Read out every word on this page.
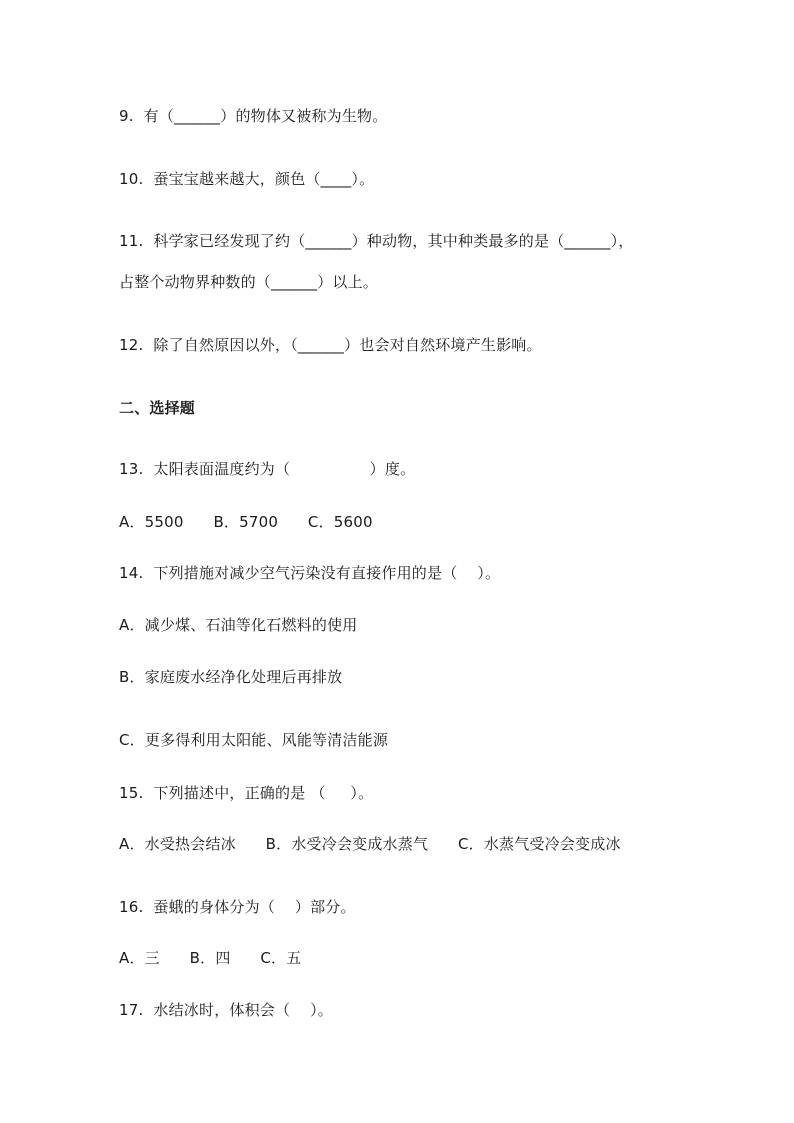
9.  有（______）的物体又被称为生物。
10.  蚕宝宝越来越大，颜色（____）。
11.  科学家已经发现了约（______）种动物，其中种类最多的是（______），
占整个动物界种数的（______）以上。
12.  除了自然原因以外，（______）也会对自然环境产生影响。
二、选择题
13.  太阳表面温度约为（                ）度。
A．5500      B．5700      C．5600
14.  下列措施对减少空气污染没有直接作用的是（    ）。
A．减少煤、石油等化石燃料的使用
B．家庭废水经净化处理后再排放
C．更多得利用太阳能、风能等清洁能源
15.  下列描述中，正确的是 （     ）。
A．水受热会结冰      B．水受冷会变成水蒸气      C．水蒸气受冷会变成冰
16.  蚕蛾的身体分为（    ）部分。
A．三      B．四      C．五
17.  水结冰时，体积会（    ）。
